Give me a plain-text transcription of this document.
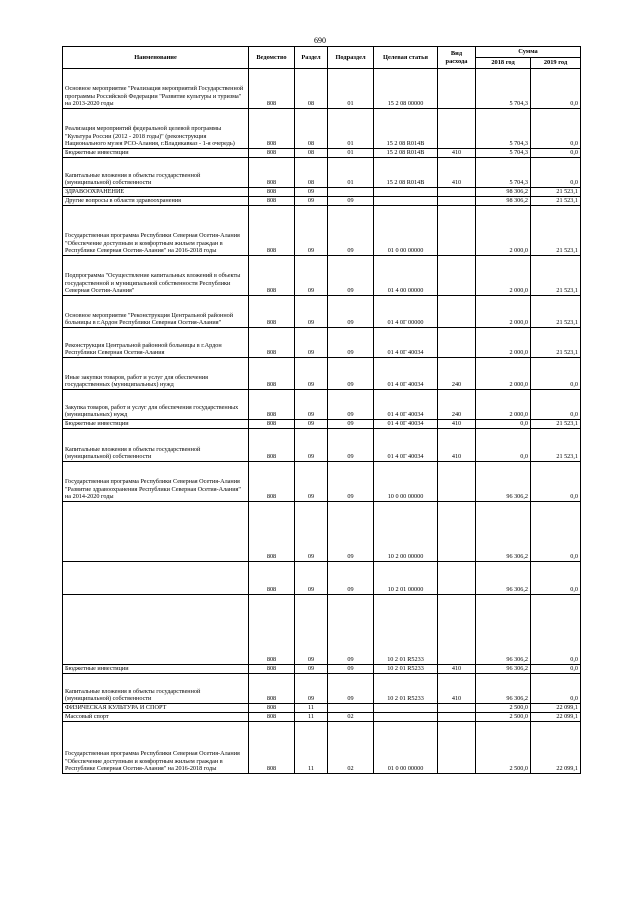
690
Наименование	Ведомство	Раздел	Подраздел	Целевая статья	Вид расхода	Сумма	
						2018 год	2019 год
Основное мероприятие "Реализация мероприятий Государственной программы Российской Федерации "Развитие культуры и туризма" на 2013-2020 годы	808	08	01	15 2 08 00000		5 704,3	0,0
Реализация мероприятий федеральной целевой программы "Культура России (2012 - 2018 годы)" (реконструкция Национального музея РСО-Алания, г.Владикавказ - 1-я очередь)	808	08	01	15 2 08 R014B		5 704,3	0,0
Бюджетные инвестиции	808	08	01	15 2 08 R014B	410	5 704,3	0,0
Капитальные вложения в объекты государственной (муниципальной) собственности	808	08	01	15 2 08 R014B	410	5 704,3	0,0
ЗДРАВООХРАНЕНИЕ	808	09				98 306,2	21 523,1
Другие вопросы в области здравоохранения	808	09	09			98 306,2	21 523,1
Государственная программа Республики Северная Осетия-Алания "Обеспечение доступным и комфортным жильем граждан в Республике Северная Осетия-Алания" на 2016-2018 годы	808	09	09	01 0 00 00000		2 000,0	21 523,1
Подпрограмма "Осуществление капитальных вложений в объекты государственной и муниципальной собственности Республики Северная Осетия-Алания"	808	09	09	01 4 00 00000		2 000,0	21 523,1
Основное мероприятие "Реконструкция Центральной районной больницы в г.Ардон Республики Северная Осетия-Алания"	808	09	09	01 4 0Г 00000		2 000,0	21 523,1
Реконструкция Центральной районной больницы в г.Ардон Республики Северная Осетия-Алания	808	09	09	01 4 0Г 40034		2 000,0	21 523,1
Иные закупки товаров, работ и услуг для обеспечения государственных (муниципальных) нужд	808	09	09	01 4 0Г 40034	240	2 000,0	0,0
Закупка товаров, работ и услуг для обеспечения государственных (муниципальных) нужд	808	09	09	01 4 0Г 40034	240	2 000,0	0,0
Бюджетные инвестиции	808	09	09	01 4 0Г 40034	410	0,0	21 523,1
Капитальные вложения в объекты государственной (муниципальной) собственности	808	09	09	01 4 0Г 40034	410	0,0	21 523,1
Государственная программа Республики Северная Осетия-Алания "Развитие здравоохранения Республики Северная Осетия-Алания" на 2014-2020 годы	808	09	09	10 0 00 00000		96 306,2	0,0
	808	09	09	10 2 00 00000		96 306,2	0,0
	808	09	09	10 2 01 00000		96 306,2	0,0
	808	09	09	10 2 01 R5233		96 306,2	0,0
Бюджетные инвестиции	808	09	09	10 2 01 R5233	410	96 306,2	0,0
Капитальные вложения в объекты государственной (муниципальной) собственности	808	09	09	10 2 01 R5233	410	96 306,2	0,0
ФИЗИЧЕСКАЯ КУЛЬТУРА И СПОРТ	808	11				2 500,0	22 099,1
Массовый спорт	808	11	02			2 500,0	22 099,1
Государственная программа Республики Северная Осетия-Алания "Обеспечение доступным и комфортным жильем граждан в Республике Северная Осетия-Алания" на 2016-2018 годы	808	11	02	01 0 00 00000		2 500,0	22 099,1
